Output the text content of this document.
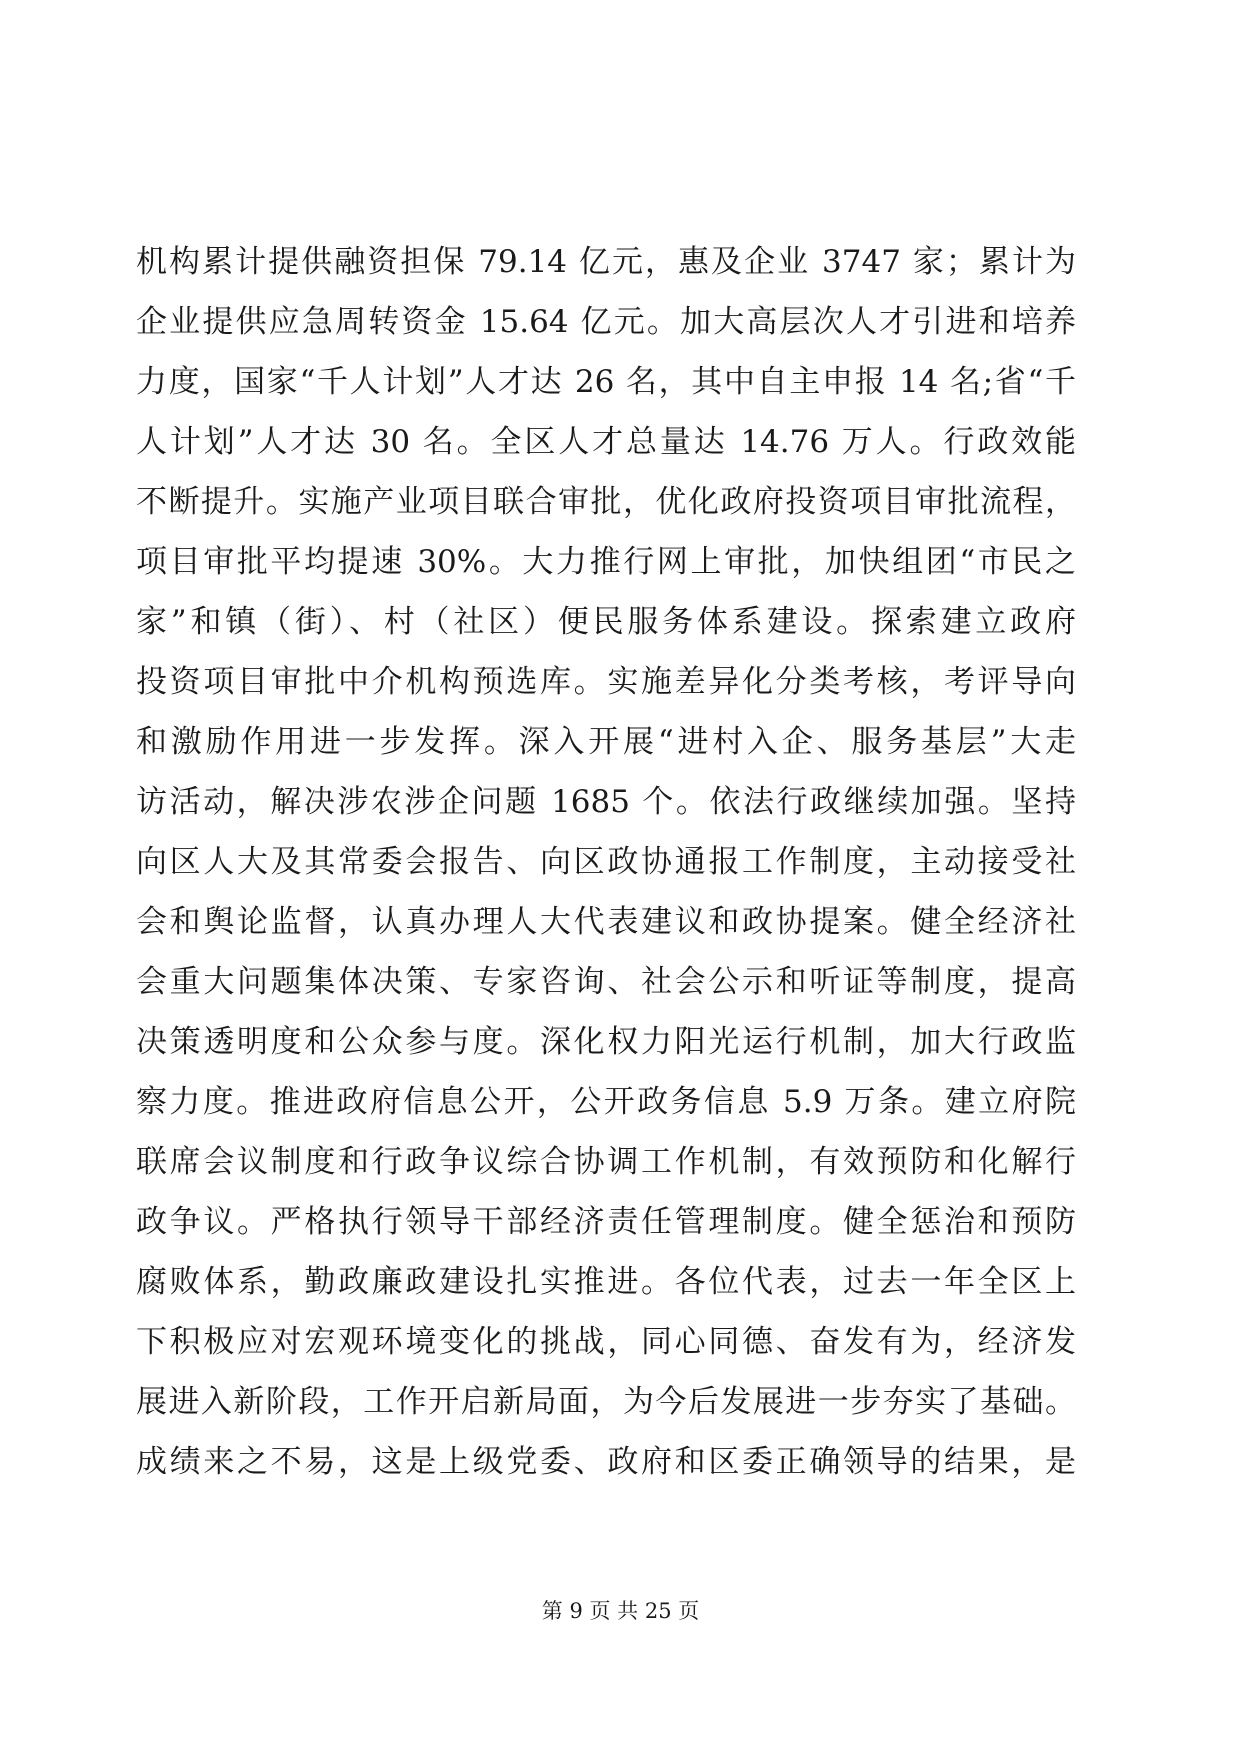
机构累计提供融资担保 79.14 亿元，惠及企业 3747 家；累计为
企业提供应急周转资金 15.64 亿元。加大高层次人才引进和培养
力度，国家“千人计划”人才达 26 名，其中自主申报 14 名;省“千
人计划”人才达 30 名。全区人才总量达 14.76 万人。行政效能
不断提升。实施产业项目联合审批，优化政府投资项目审批流程，
项目审批平均提速 30%。大力推行网上审批，加快组团“市民之
家”和镇（街）、村（社区）便民服务体系建设。探索建立政府
投资项目审批中介机构预选库。实施差异化分类考核，考评导向
和激励作用进一步发挥。深入开展“进村入企、服务基层”大走
访活动，解决涉农涉企问题 1685 个。依法行政继续加强。坚持
向区人大及其常委会报告、向区政协通报工作制度，主动接受社
会和舆论监督，认真办理人大代表建议和政协提案。健全经济社
会重大问题集体决策、专家咨询、社会公示和听证等制度，提高
决策透明度和公众参与度。深化权力阳光运行机制，加大行政监
察力度。推进政府信息公开，公开政务信息 5.9 万条。建立府院
联席会议制度和行政争议综合协调工作机制，有效预防和化解行
政争议。严格执行领导干部经济责任管理制度。健全惩治和预防
腐败体系，勤政廉政建设扎实推进。各位代表，过去一年全区上
下积极应对宏观环境变化的挑战，同心同德、奋发有为，经济发
展进入新阶段，工作开启新局面，为今后发展进一步夯实了基础。
成绩来之不易，这是上级党委、政府和区委正确领导的结果，是
第 9 页 共 25 页
